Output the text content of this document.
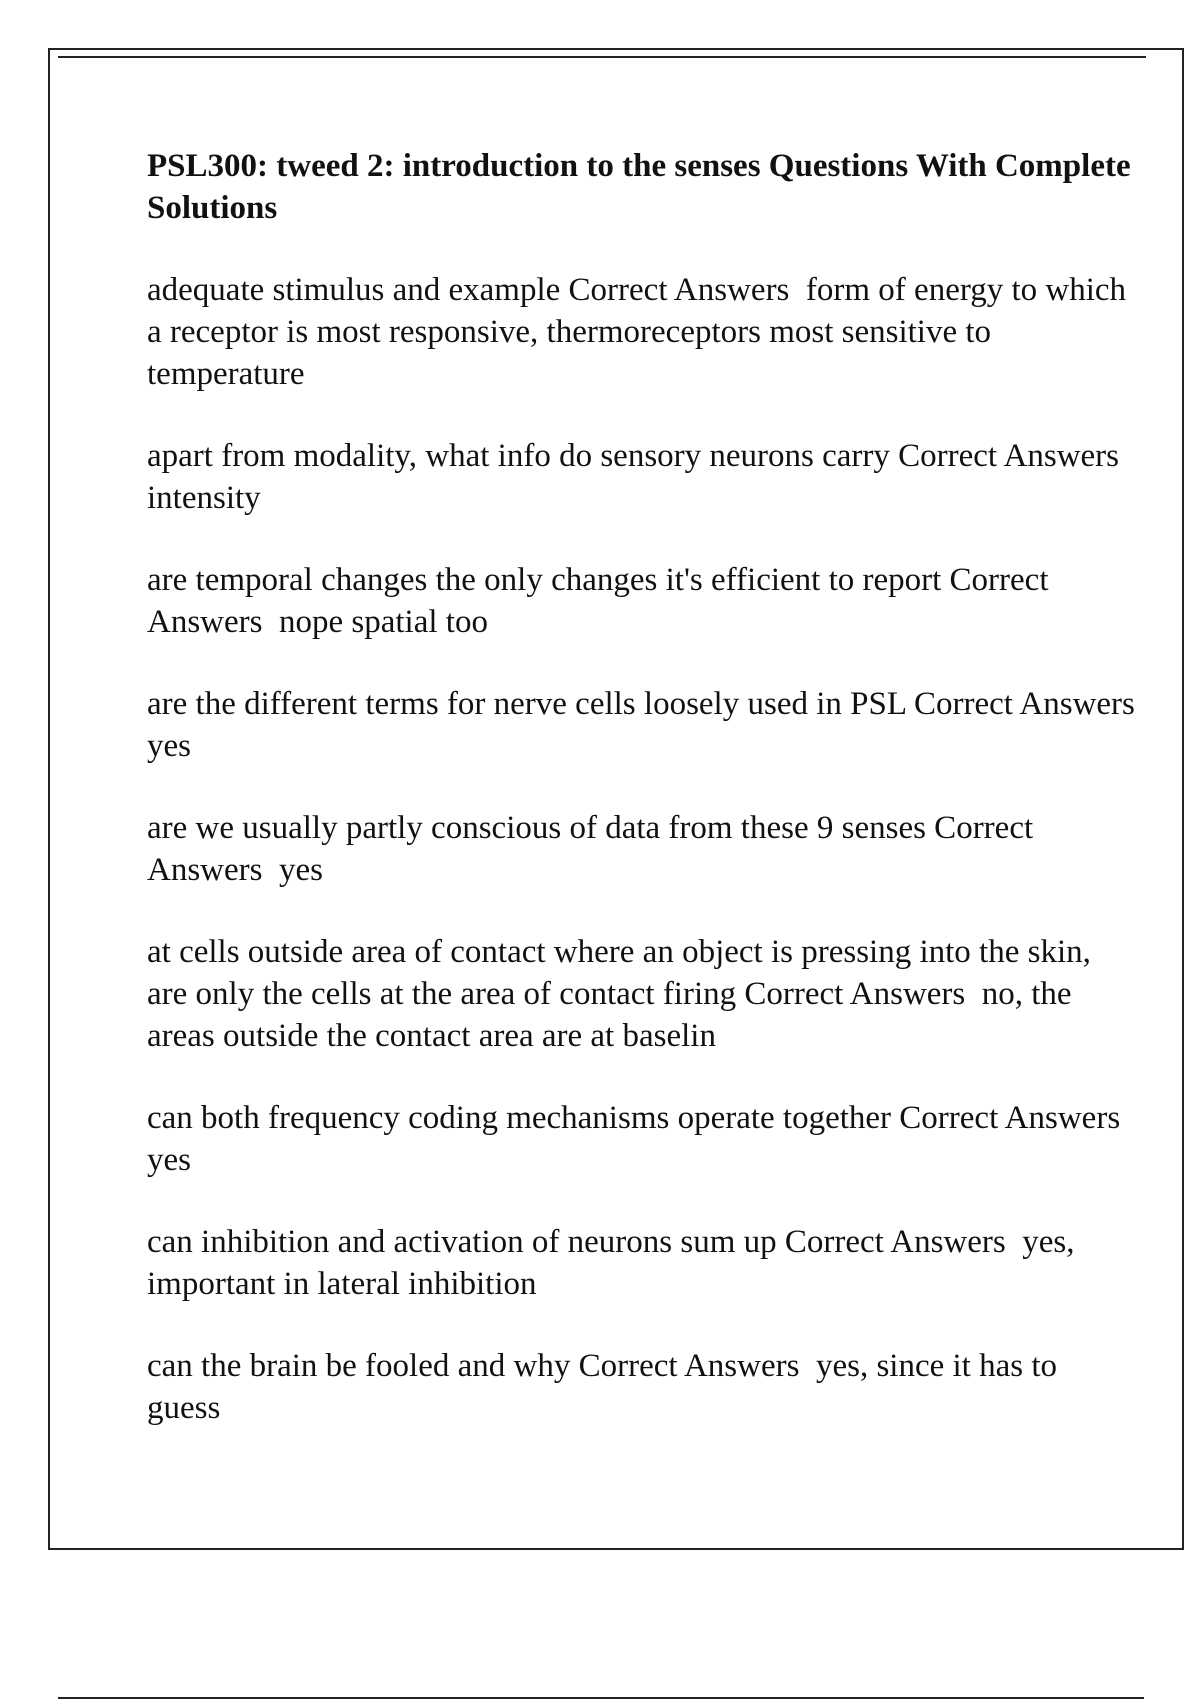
PSL300: tweed 2: introduction to the senses Questions With Complete Solutions
adequate stimulus and example Correct Answers  form of energy to which a receptor is most responsive, thermoreceptors most sensitive to temperature
apart from modality, what info do sensory neurons carry Correct Answers  intensity
are temporal changes the only changes it's efficient to report Correct Answers  nope spatial too
are the different terms for nerve cells loosely used in PSL Correct Answers  yes
are we usually partly conscious of data from these 9 senses Correct Answers  yes
at cells outside area of contact where an object is pressing into the skin, are only the cells at the area of contact firing Correct Answers  no, the areas outside the contact area are at baselin
can both frequency coding mechanisms operate together Correct Answers  yes
can inhibition and activation of neurons sum up Correct Answers  yes, important in lateral inhibition
can the brain be fooled and why Correct Answers  yes, since it has to guess
